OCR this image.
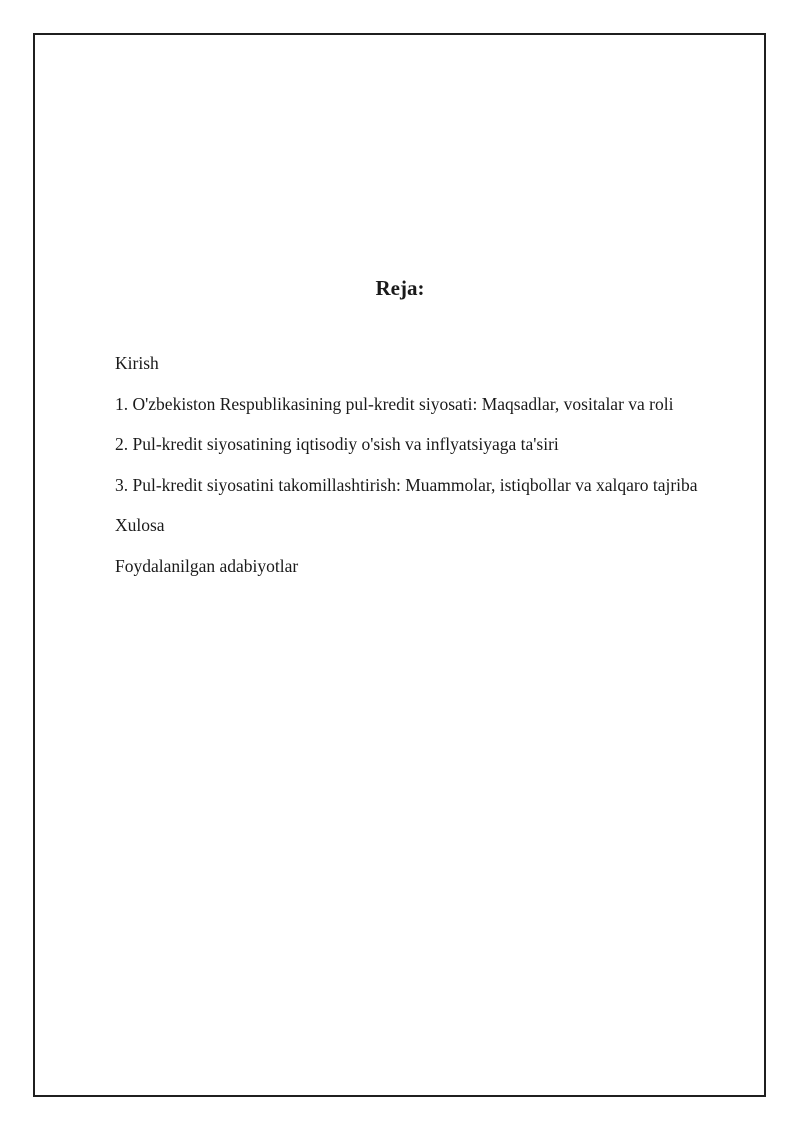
Reja:
Kirish
1. O'zbekiston Respublikasining pul-kredit siyosati: Maqsadlar, vositalar va roli
2. Pul-kredit siyosatining iqtisodiy o'sish va inflyatsiyaga ta'siri
3. Pul-kredit siyosatini takomillashtirish: Muammolar, istiqbollar va xalqaro tajriba
Xulosa
Foydalanilgan adabiyotlar
